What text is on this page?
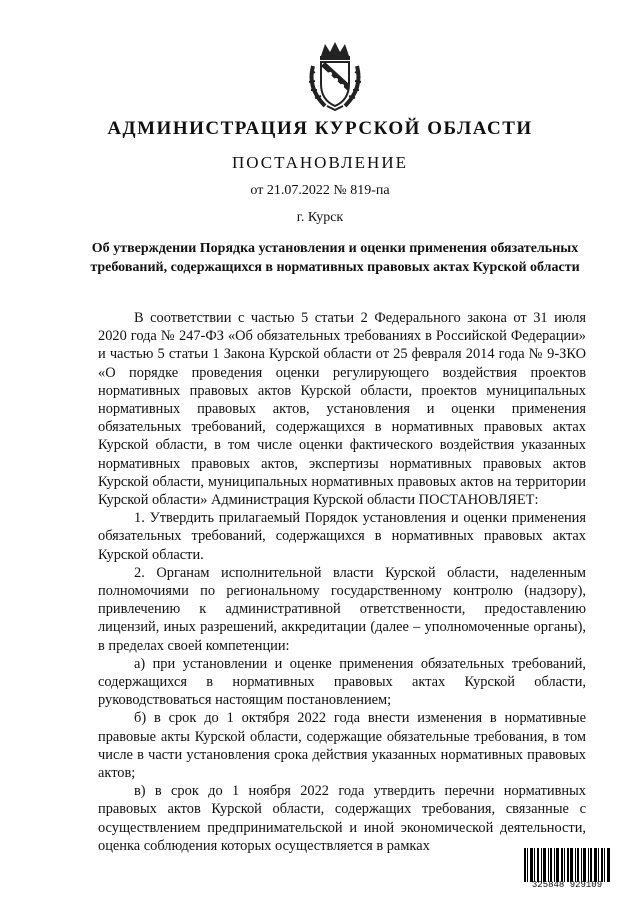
АДМИНИСТРАЦИЯ КУРСКОЙ ОБЛАСТИ
ПОСТАНОВЛЕНИЕ
от 21.07.2022 № 819-па
г. Курск
Об утверждении Порядка установления и оценки применения обязательных требований, содержащихся в нормативных правовых актах Курской области

В соответствии с частью 5 статьи 2 Федерального закона от 31 июля 2020 года № 247-ФЗ «Об обязательных требованиях в Российской Федерации» и частью 5 статьи 1 Закона Курской области от 25 февраля 2014 года № 9-ЗКО «О порядке проведения оценки регулирующего воздействия проектов нормативных правовых актов Курской области, проектов муниципальных нормативных правовых актов, установления и оценки применения обязательных требований, содержащихся в нормативных правовых актах Курской области, в том числе оценки фактического воздействия указанных нормативных правовых актов, экспертизы нормативных правовых актов Курской области, муниципальных нормативных правовых актов на территории Курской области» Администрация Курской области ПОСТАНОВЛЯЕТ:

1. Утвердить прилагаемый Порядок установления и оценки применения обязательных требований, содержащихся в нормативных правовых актах Курской области.

2. Органам исполнительной власти Курской области, наделенным полномочиями по региональному государственному контролю (надзору), привлечению к административной ответственности, предоставлению лицензий, иных разрешений, аккредитации (далее – уполномоченные органы), в пределах своей компетенции:

а) при установлении и оценке применения обязательных требований, содержащихся в нормативных правовых актах Курской области, руководствоваться настоящим постановлением;

б) в срок до 1 октября 2022 года внести изменения в нормативные правовые акты Курской области, содержащие обязательные требования, в том числе в части установления срока действия указанных нормативных правовых актов;

в) в срок до 1 ноября 2022 года утвердить перечни нормативных правовых актов Курской области, содержащих требования, связанные с осуществлением предпринимательской и иной экономической деятельности, оценка соблюдения которых осуществляется в рамках

325848 929109
